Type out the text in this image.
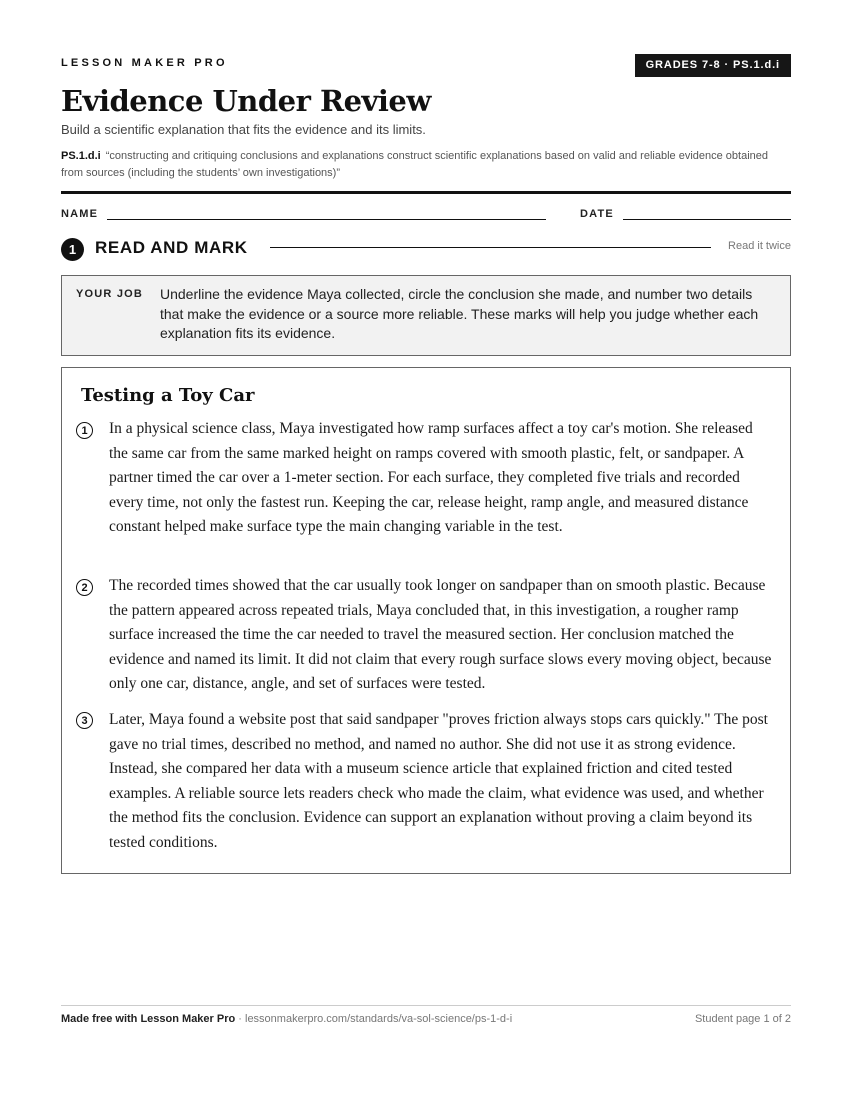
LESSON MAKER PRO	GRADES 7-8 · PS.1.d.i
Evidence Under Review
Build a scientific explanation that fits the evidence and its limits.
PS.1.d.i “constructing and critiquing conclusions and explanations construct scientific explanations based on valid and reliable evidence obtained from sources (including the students’ own investigations)”
NAME	DATE
1	READ AND MARK	Read it twice
YOUR JOB Underline the evidence Maya collected, circle the conclusion she made, and number two details that make the evidence or a source more reliable. These marks will help you judge whether each explanation fits its evidence.
Testing a Toy Car
1	In a physical science class, Maya investigated how ramp surfaces affect a toy car's motion. She released the same car from the same marked height on ramps covered with smooth plastic, felt, or sandpaper. A partner timed the car over a 1-meter section. For each surface, they completed five trials and recorded every time, not only the fastest run. Keeping the car, release height, ramp angle, and measured distance constant helped make surface type the main changing variable in the test.
2	The recorded times showed that the car usually took longer on sandpaper than on smooth plastic. Because the pattern appeared across repeated trials, Maya concluded that, in this investigation, a rougher ramp surface increased the time the car needed to travel the measured section. Her conclusion matched the evidence and named its limit. It did not claim that every rough surface slows every moving object, because only one car, distance, angle, and set of surfaces were tested.
3	Later, Maya found a website post that said sandpaper "proves friction always stops cars quickly." The post gave no trial times, described no method, and named no author. She did not use it as strong evidence. Instead, she compared her data with a museum science article that explained friction and cited tested examples. A reliable source lets readers check who made the claim, what evidence was used, and whether the method fits the conclusion. Evidence can support an explanation without proving a claim beyond its tested conditions.
Made free with Lesson Maker Pro · lessonmakerpro.com/standards/va-sol-science/ps-1-d-i	Student page 1 of 2
